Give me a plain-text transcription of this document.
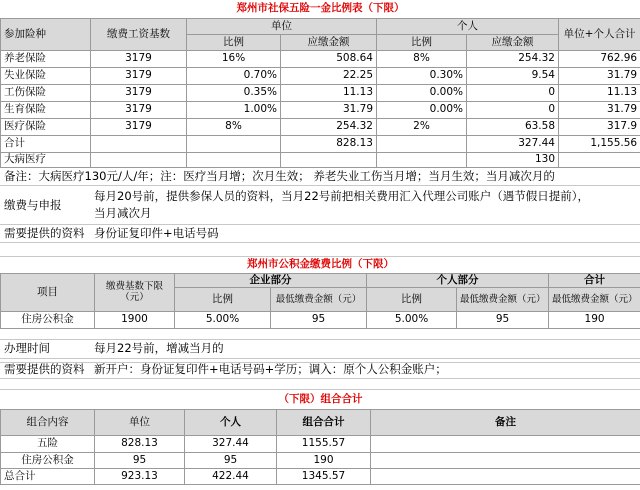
郑州市社保五险一金比例表（下限）						
参加险种	缴费工资基数	单位		个人		单位+个人合计
		比例	应缴金额	比例	应缴金额	
养老保险	3179	16%	508.64	8%	254.32	762.96
失业保险	3179	0.70%	22.25	0.30%	9.54	31.79
工伤保险	3179	0.35%	11.13	0.00%	0	11.13
生育保险	3179	1.00%	31.79	0.00%	0	31.79
医疗保险	3179	8%	254.32	2%	63.58	317.9
合计			828.13		327.44	1,155.56
大病医疗					130	
备注：大病医疗130元/人/年；注：医疗当月增；次月生效； 养老失业工伤当月增；当月生效；当月减次月的
缴费与申报
每月20号前，提供参保人员的资料，当月22号前把相关费用汇入代理公司账户（遇节假日提前），
当月减次月
需要提供的资料 身份证复印件+电话号码
郑州市公积金缴费比例（下限）						
项目	缴费基数下限（元）	企业部分		个人部分		合计
		比例	最低缴费金额（元）	比例	最低缴费金额（元）	最低缴费金额（元）
住房公积金	1900	5.00%	95	5.00%	95	190
办理时间	每月22号前，增减当月的
需要提供的资料 新开户：身份证复印件+电话号码+学历；调入：原个人公积金账户；
（下限）组合合计				
组合内容	单位	个人	组合合计	备注
五险	828.13	327.44	1155.57	
住房公积金	95	95	190	
总合计	923.13	422.44	1345.57	
